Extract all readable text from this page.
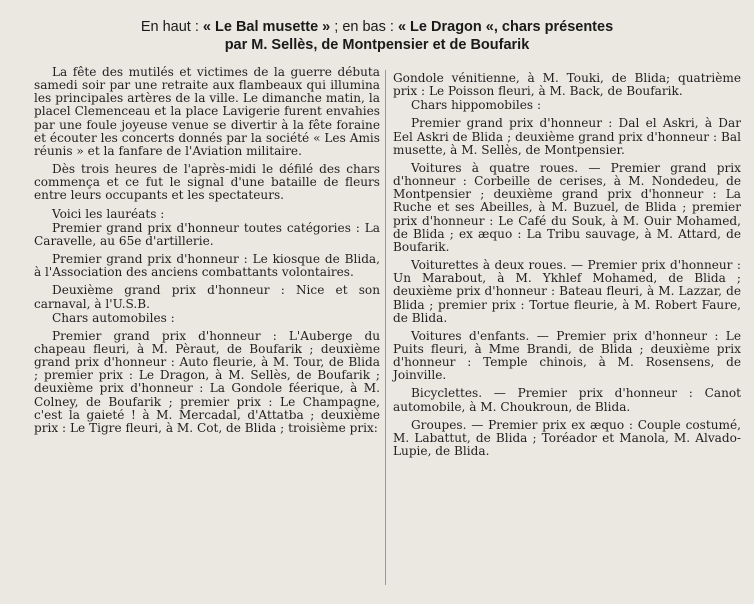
En haut : « Le Bal musette » ; en bas : « Le Dragon «, chars présentes
par M. Sellès, de Montpensier et de Boufarik

La fête des mutilés et victimes de la guerre débuta samedi soir par une retraite aux flambeaux qui illumina les principales artères de la ville. Le dimanche matin, la placel Clemenceau et la place Lavigerie furent envahies par une foule joyeuse venue se divertir à la fête foraine et écouter les concerts donnés par la société « Les Amis réunis » et la fanfare de l'Aviation militaire.

Dès trois heures de l'après-midi le défilé des chars commença et ce fut le signal d'une bataille de fleurs entre leurs occupants et les spectateurs.

Voici les lauréats :

Premier grand prix d'honneur toutes catégories : La Caravelle, au 65e d'artillerie.

Premier grand prix d'honneur : Le kiosque de Blida, à l'Association des anciens combattants volontaires.

Deuxième grand prix d'honneur : Nice et son carnaval, à l'U.S.B.

Chars automobiles :

Premier grand prix d'honneur : L'Auberge du chapeau fleuri, à M. Pèraut, de Boufarik ; deuxième grand prix d'honneur : Auto fleurie, à M. Tour, de Blida ; premier prix : Le Dragon, à M. Sellès, de Boufarik ; deuxième prix d'honneur : La Gondole féerique, à M. Colney, de Boufarik ; premier prix : Le Champagne, c'est la gaieté ! à M. Mercadal, d'Attatba ; deuxième prix : Le Tigre fleuri, à M. Cot, de Blida ; troisième prix:

Gondole vénitienne, à M. Touki, de Blida; quatrième prix : Le Poisson fleuri, à M. Back, de Boufarik.

Chars hippomobiles :

Premier grand prix d'honneur : Dal el Askri, à Dar Eel Askri de Blida ; deuxième grand prix d'honneur : Bal musette, à M. Sellès, de Montpensier.

Voitures à quatre roues. — Premier grand prix d'honneur : Corbeille de cerises, à M. Nondedeu, de Montpensier ; deuxième grand prix d'honneur : La Ruche et ses Abeilles, à M. Buzuel, de Blida ; premier prix d'honneur : Le Café du Souk, à M. Ouir Mohamed, de Blida ; ex æquo : La Tribu sauvage, à M. Attard, de Boufarik.

Voiturettes à deux roues. — Premier prix d'honneur : Un Marabout, à M. Ykhlef Mohamed, de Blida ; deuxième prix d'honneur : Bateau fleuri, à M. Lazzar, de Blida ; premier prix : Tortue fleurie, à M. Robert Faure, de Blida.

Voitures d'enfants. — Premier prix d'honneur : Le Puits fleuri, à Mme Brandi, de Blida ; deuxième prix d'honneur : Temple chinois, à M. Rosensens, de Joinville.

Bicyclettes. — Premier prix d'honneur : Canot automobile, à M. Choukroun, de Blida.

Groupes. — Premier prix ex æquo : Couple costumé, M. Labattut, de Blida ; Toréador et Manola, M. Alvado-Lupie, de Blida.
